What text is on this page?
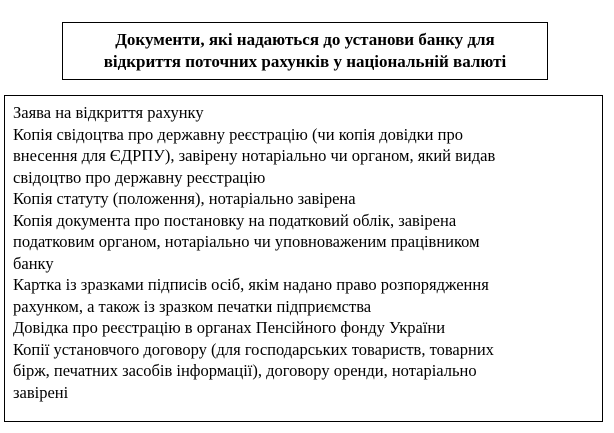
Документи, які надаються до установи банку для
відкриття поточних рахунків у національній валюті
Заява на відкриття рахунку
Копія свідоцтва про державну реєстрацію (чи копія довідки про
внесення для ЄДРПУ), завірену нотаріально чи органом, який видав
свідоцтво про державну реєстрацію
Копія статуту (положення), нотаріально завірена
Копія документа про постановку на податковий облік, завірена
податковим органом, нотаріально чи уповноваженим працівником
банку
Картка із зразками підписів осіб, якім надано право розпорядження
рахунком, а також із зразком печатки підприємства
Довідка про реєстрацію в органах Пенсійного фонду України
Копії установчого договору (для господарських товариств, товарних
бірж, печатних засобів інформації), договору оренди, нотаріально
завірені
